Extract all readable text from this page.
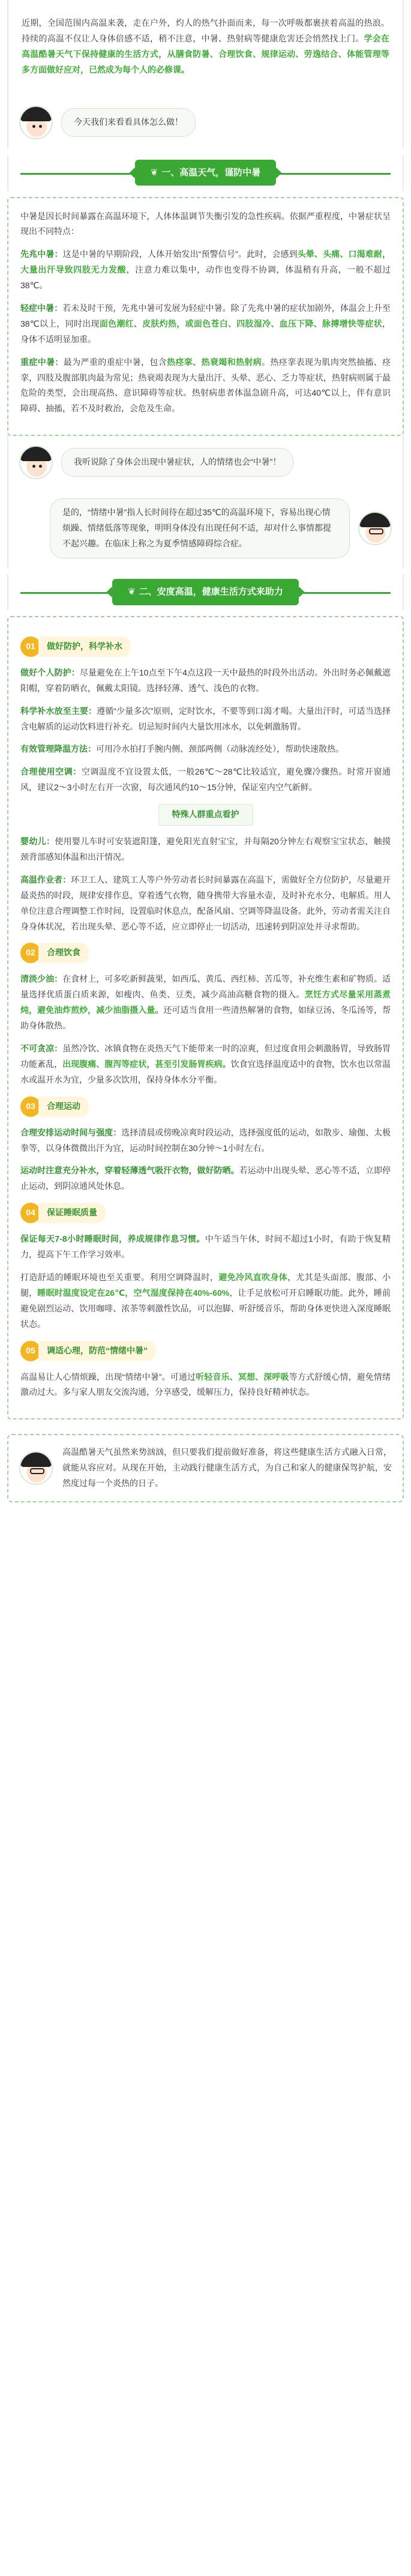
近期，全国范围内高温来袭，走在户外，灼人的热气扑面而来，每一次呼吸都裹挟着高温的热浪。持续的高温不仅让人身体倍感不适，稍不注意，中暑、热射病等健康危害还会悄然找上门。学会在高温酷暑天气下保持健康的生活方式，从膳食防暑、合理饮食、规律运动、劳逸结合、体能管理等多方面做好应对，已然成为每个人的必修课。

今天我们来看看具体怎么做！
❦ 一、高温天气，谨防中暑

中暑是因长时间暴露在高温环境下，人体体温调节失衡引发的急性疾病。依据严重程度，中暑症状呈现出不同特点：

先兆中暑：这是中暑的早期阶段，人体开始发出“预警信号”。此时，会感到头晕、头痛、口渴难耐，大量出汗导致四肢无力发酸，注意力难以集中，动作也变得不协调，体温稍有升高，一般不超过38℃。

轻症中暑：若未及时干预，先兆中暑可发展为轻症中暑。除了先兆中暑的症状加剧外，体温会上升至38℃以上，同时出现面色潮红、皮肤灼热，或面色苍白、四肢湿冷、血压下降、脉搏增快等症状，身体不适明显加重。

重症中暑：最为严重的重症中暑，包含热痉挛、热衰竭和热射病。热痉挛表现为肌肉突然抽搐、痉挛，四肢及腹部肌肉最为常见；热衰竭表现为大量出汗、头晕、恶心、乏力等症状，热射病则属于最危险的类型，会出现高热、意识障碍等症状。热射病患者体温急剧升高，可达40℃以上，伴有意识障碍、抽搐，若不及时救治，会危及生命。

我听说除了身体会出现中暑症状，人的情绪也会“中暑”！
是的，“情绪中暑”指人长时间待在超过35℃的高温环境下，容易出现心情烦躁、情绪低落等现象，明明身体没有出现任何不适，却对什么事情都提不起兴趣。在临床上称之为夏季情感障碍综合症。
❦ 二、安度高温，健康生活方式来助力
01	做好防护，科学补水

做好个人防护：尽量避免在上午10点至下午4点这段一天中最热的时段外出活动。外出时务必佩戴遮阳帽，穿着防晒衣，佩戴太阳镜。选择轻薄、透气、浅色的衣物。

科学补水放至主要：遵循“少量多次”原则，定时饮水，不要等到口渴才喝。大量出汗时，可适当选择含电解质的运动饮料进行补充。切忌短时间内大量饮用冰水，以免刺激肠胃。

有效管理降温方法：可用冷水拍打手腕内侧、颈部两侧（动脉流经处），帮助快速散热。

合理使用空调：空调温度不宜设置太低，一般26℃～28℃比较适宜，避免骤冷骤热。时常开窗通风，建议2～3小时左右开一次窗，每次通风约10～15分钟，保证室内空气新鲜。

特殊人群重点看护

婴幼儿：使用婴儿车时可安装遮阳篷，避免阳光直射宝宝，并每隔20分钟左右观察宝宝状态，触摸颈背部感知体温和出汗情况。

高温作业者：环卫工人、建筑工人等户外劳动者长时间暴露在高温下，需做好全方位防护，尽量避开最炎热的时段，规律安排作息，穿着透气衣物，随身携带大容量水壶，及时补充水分、电解质。用人单位注意合理调整工作时间，设置临时休息点，配备风扇、空调等降温设备。此外，劳动者需关注自身身体状况，若出现头晕、恶心等不适，应立即停止一切活动，迅速转到阴凉处并寻求帮助。

02	合理饮食

清淡少油：在食材上，可多吃新鲜蔬果，如西瓜、黄瓜、西红柿、苦瓜等，补充维生素和矿物质。适量选择优质蛋白质来源，如瘦肉、鱼类、豆类，减少高油高糖食物的摄入。烹饪方式尽量采用蒸煮炖，避免油炸煎炒，减少油脂摄入量。还可适当食用一些清热解暑的食物，如绿豆汤、冬瓜汤等，帮助身体散热。

不可贪凉：虽然冷饮、冰镇食物在炎热天气下能带来一时的凉爽，但过度食用会刺激肠胃，导致肠胃功能紊乱，出现腹痛、腹泻等症状，甚至引发肠胃疾病。饮食宜选择温度适中的食物，饮水也以常温水或温开水为宜，少量多次饮用，保持身体水分平衡。

03	合理运动

合理安排运动时间与强度：选择清晨或傍晚凉爽时段运动，选择强度低的运动，如散步、瑜伽、太极拳等，以身体微微出汗为宜，运动时间控制在30分钟～1小时左右。

运动时注意充分补水，穿着轻薄透气吸汗衣物，做好防晒。若运动中出现头晕、恶心等不适，立即停止运动，到阴凉通风处休息。

04	保证睡眠质量

保证每天7-8小时睡眠时间，养成规律作息习惯。中午适当午休，时间不超过1小时，有助于恢复精力，提高下午工作学习效率。

打造舒适的睡眠环境也至关重要。利用空调降温时，避免冷风直吹身体，尤其是头面部、腹部、小腿，睡眠时温度设定在26℃，空气湿度保持在40%-60%，让手足放松可开启睡眠功能。此外，睡前避免剧烈运动、饮用咖啡、浓茶等刺激性饮品，可以泡脚、听舒缓音乐，帮助身体更快进入深度睡眠状态。

05	调适心理，防范“情绪中暑”

高温易让人心情烦躁，出现“情绪中暑”。可通过听轻音乐、冥想、深呼吸等方式舒缓心情，避免情绪激动过大。多与家人朋友交流沟通，分享感受，缓解压力，保持良好精神状态。

高温酷暑天气虽然来势汹汹，但只要我们提前做好准备，将这些健康生活方式融入日常，就能从容应对。从现在开始，主动践行健康生活方式，为自己和家人的健康保驾护航，安然度过每一个炎热的日子。
